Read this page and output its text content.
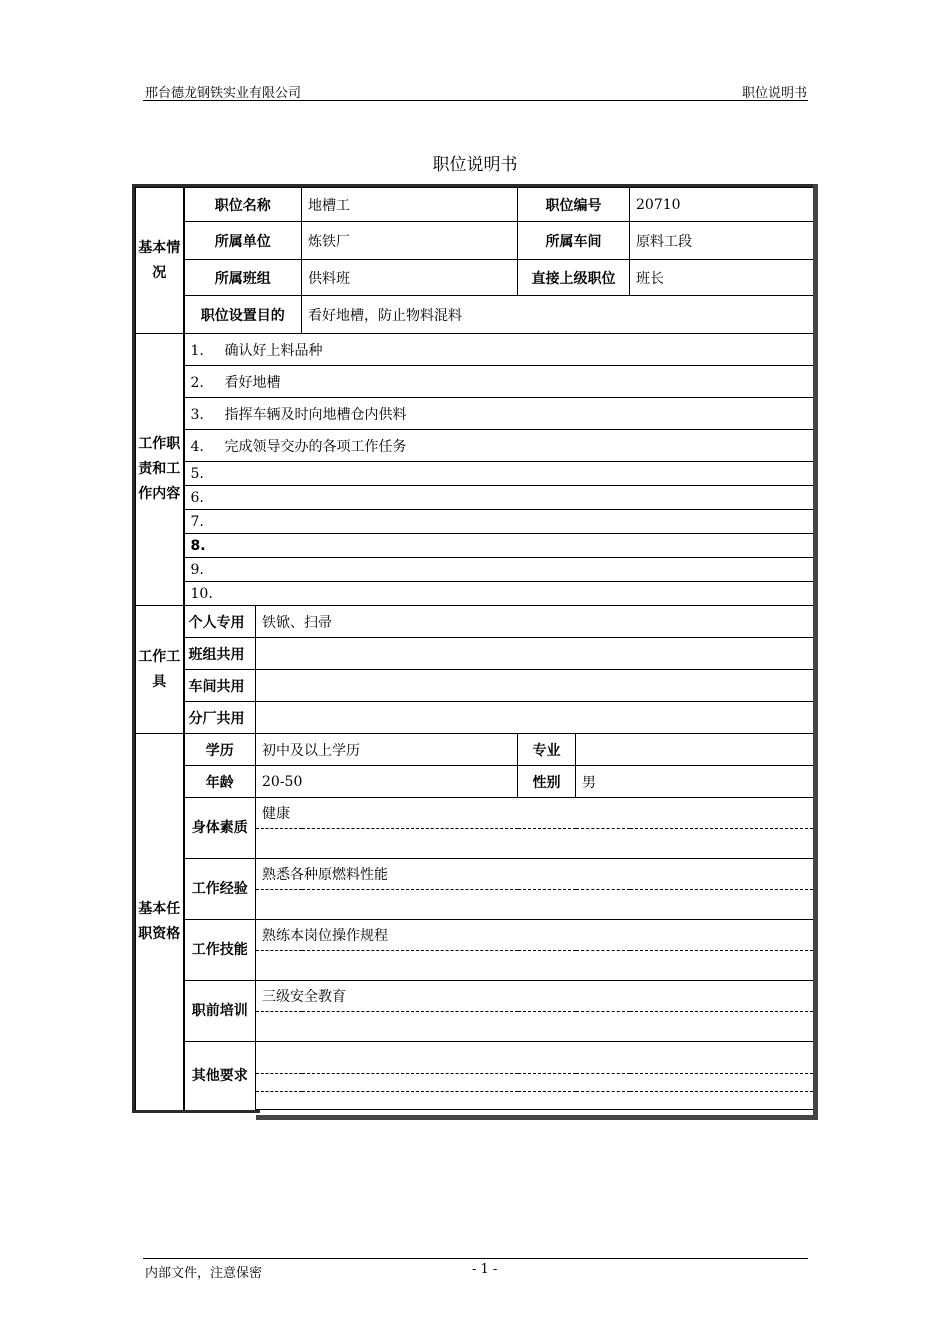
邢台德龙钢铁实业有限公司	职位说明书
职位说明书
基本情况	职位名称		地槽工	职位编号		20710
	所属单位		炼铁厂	所属车间		原料工段
	所属班组		供料班	直接上级职位		班长
	职位设置目的		看好地槽，防止物料混料			
工作职责和工作内容	1. 确认好上料品种					
	2. 看好地槽					
	3. 指挥车辆及时向地槽仓内供料					
	4. 完成领导交办的各项工作任务					
	5.					
	6.					
	7.					
	8.					
	9.					
	10.					
工作工具	个人专用	铁锨、扫帚				
	班组共用					
	车间共用					
	分厂共用					
基本任职资格	学历	初中及以上学历		专业		
	年龄	20-50		性别	男	
	身体素质	健康				

	工作经验	熟悉各种原燃料性能				

	工作技能	熟练本岗位操作规程				

	职前培训	三级安全教育				

	其他要求					

内部文件，注意保密	- 1 -
